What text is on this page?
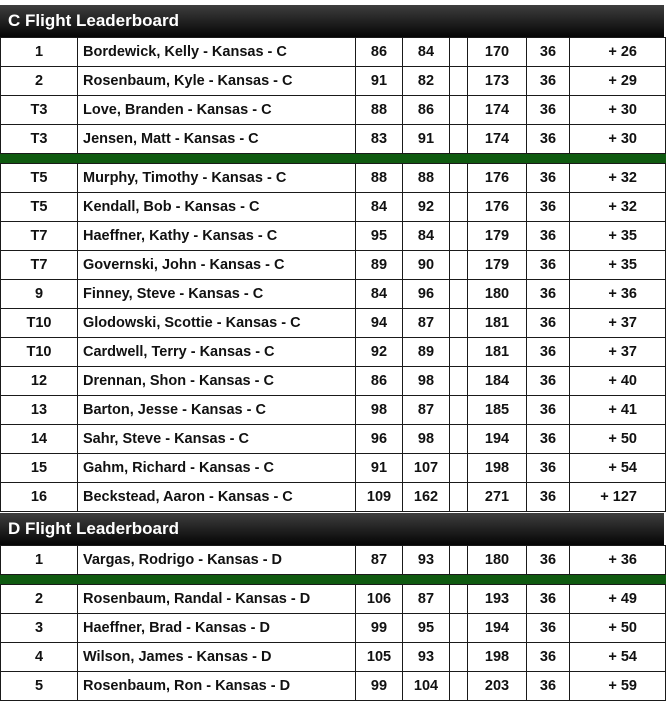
C Flight Leaderboard
1	Bordewick, Kelly - Kansas - C	86	84		170	36	+ 26
2	Rosenbaum, Kyle - Kansas - C	91	82		173	36	+ 29
T3	Love, Branden - Kansas - C	88	86		174	36	+ 30
T3	Jensen, Matt - Kansas - C	83	91		174	36	+ 30

T5	Murphy, Timothy - Kansas - C	88	88		176	36	+ 32
T5	Kendall, Bob - Kansas - C	84	92		176	36	+ 32
T7	Haeffner, Kathy - Kansas - C	95	84		179	36	+ 35
T7	Governski, John - Kansas - C	89	90		179	36	+ 35
9	Finney, Steve - Kansas - C	84	96		180	36	+ 36
T10	Glodowski, Scottie - Kansas - C	94	87		181	36	+ 37
T10	Cardwell, Terry - Kansas - C	92	89		181	36	+ 37
12	Drennan, Shon - Kansas - C	86	98		184	36	+ 40
13	Barton, Jesse - Kansas - C	98	87		185	36	+ 41
14	Sahr, Steve - Kansas - C	96	98		194	36	+ 50
15	Gahm, Richard - Kansas - C	91	107		198	36	+ 54
16	Beckstead, Aaron - Kansas - C	109	162		271	36	+ 127
D Flight Leaderboard
1	Vargas, Rodrigo - Kansas - D	87	93		180	36	+ 36

2	Rosenbaum, Randal - Kansas - D	106	87		193	36	+ 49
3	Haeffner, Brad - Kansas - D	99	95		194	36	+ 50
4	Wilson, James - Kansas - D	105	93		198	36	+ 54
5	Rosenbaum, Ron - Kansas - D	99	104		203	36	+ 59
